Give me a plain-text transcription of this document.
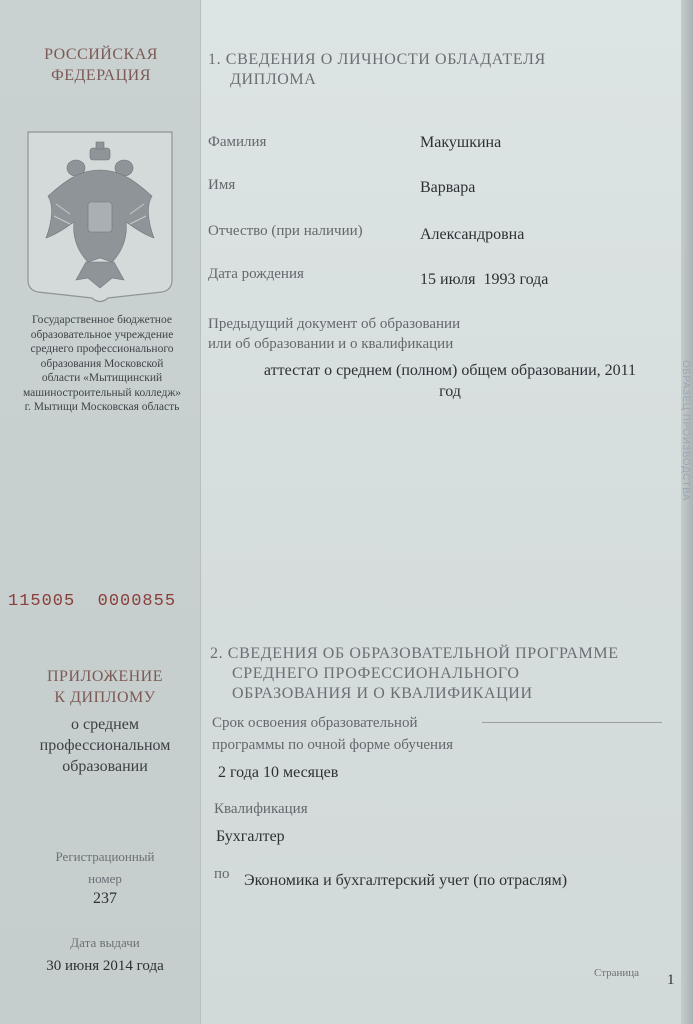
РОССИЙСКАЯ
ФЕДЕРАЦИЯ
Государственное бюджетное
образовательное учреждение
среднего профессионального
образования Московской
области «Мытищинский
машиностроительный колледж»
г. Мытищи Московская область
115005  0000855
ПРИЛОЖЕНИЕ
К ДИПЛОМУ
о среднем
профессиональном
образовании
Регистрационный
номер
237
Дата выдачи
30 июня 2014 года
1. СВЕДЕНИЯ О ЛИЧНОСТИ ОБЛАДАТЕЛЯ
ДИПЛОМА
Фамилия	Макушкина
Имя	Варвара
Отчество (при наличии)	Александровна
Дата рождения	15 июля  1993 года
Предыдущий документ об образовании
или об образовании и о квалификации
аттестат о среднем (полном) общем образовании, 2011
год
2. СВЕДЕНИЯ ОБ ОБРАЗОВАТЕЛЬНОЙ ПРОГРАММЕ
СРЕДНЕГО ПРОФЕССИОНАЛЬНОГО
ОБРАЗОВАНИЯ И О КВАЛИФИКАЦИИ
Срок освоения образовательной
программы по очной форме обучения
2 года 10 месяцев
Квалификация
Бухгалтер
по Экономика и бухгалтерский учет (по отраслям)
Страница 1
ОБРАЗЕЦ ПРОИЗВОДСТВА
